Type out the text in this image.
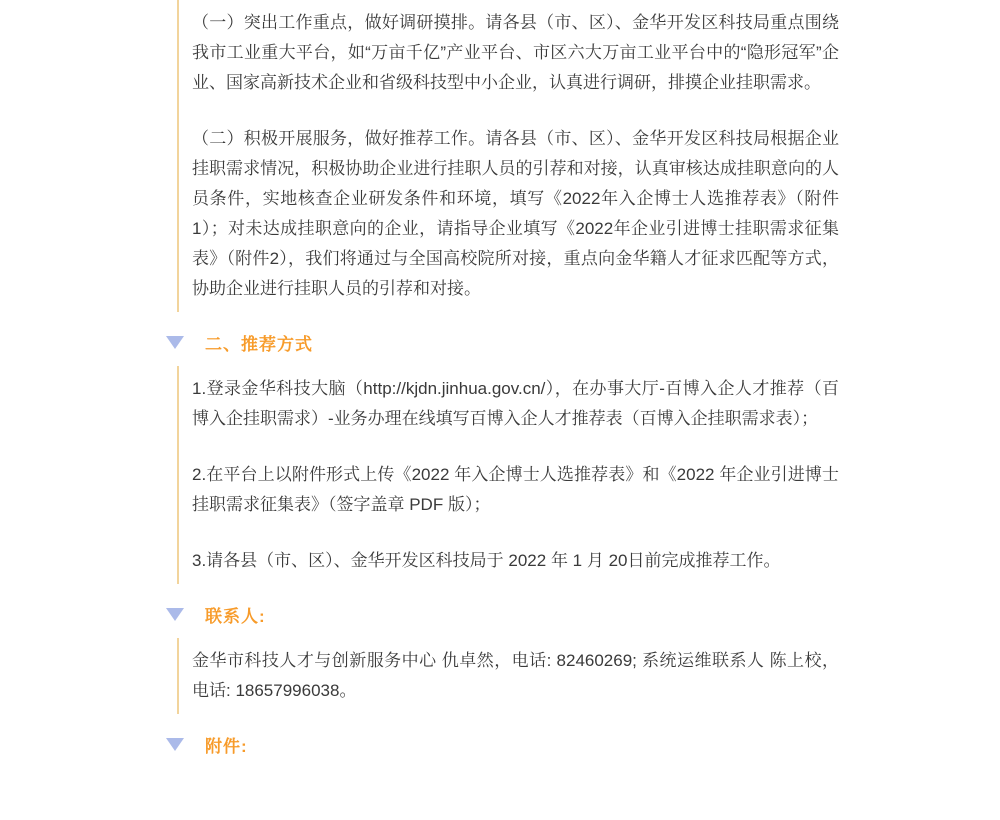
（一）突出工作重点，做好调研摸排。请各县（市、区）、金华开发区科技局重点围绕我市工业重大平台，如“万亩千亿”产业平台、市区六大万亩工业平台中的“隐形冠军”企业、国家高新技术企业和省级科技型中小企业，认真进行调研，排摸企业挂职需求。

（二）积极开展服务，做好推荐工作。请各县（市、区）、金华开发区科技局根据企业挂职需求情况，积极协助企业进行挂职人员的引荐和对接，认真审核达成挂职意向的人员条件，实地核查企业研发条件和环境，填写《2022年入企博士人选推荐表》（附件1）；对未达成挂职意向的企业，请指导企业填写《2022年企业引进博士挂职需求征集表》（附件2），我们将通过与全国高校院所对接，重点向金华籍人才征求匹配等方式，协助企业进行挂职人员的引荐和对接。

二、推荐方式

1.登录金华科技大脑（http://kjdn.jinhua.gov.cn/），在办事大厅-百博入企人才推荐（百博入企挂职需求）-业务办理在线填写百博入企人才推荐表（百博入企挂职需求表）；

2.在平台上以附件形式上传《2022 年入企博士人选推荐表》和《2022 年企业引进博士挂职需求征集表》（签字盖章 PDF 版）；

3.请各县（市、区）、金华开发区科技局于 2022 年 1 月 20日前完成推荐工作。

联系人:

金华市科技人才与创新服务中心 仇卓然，电话: 82460269; 系统运维联系人 陈上校，电话: 18657996038。

附件:
